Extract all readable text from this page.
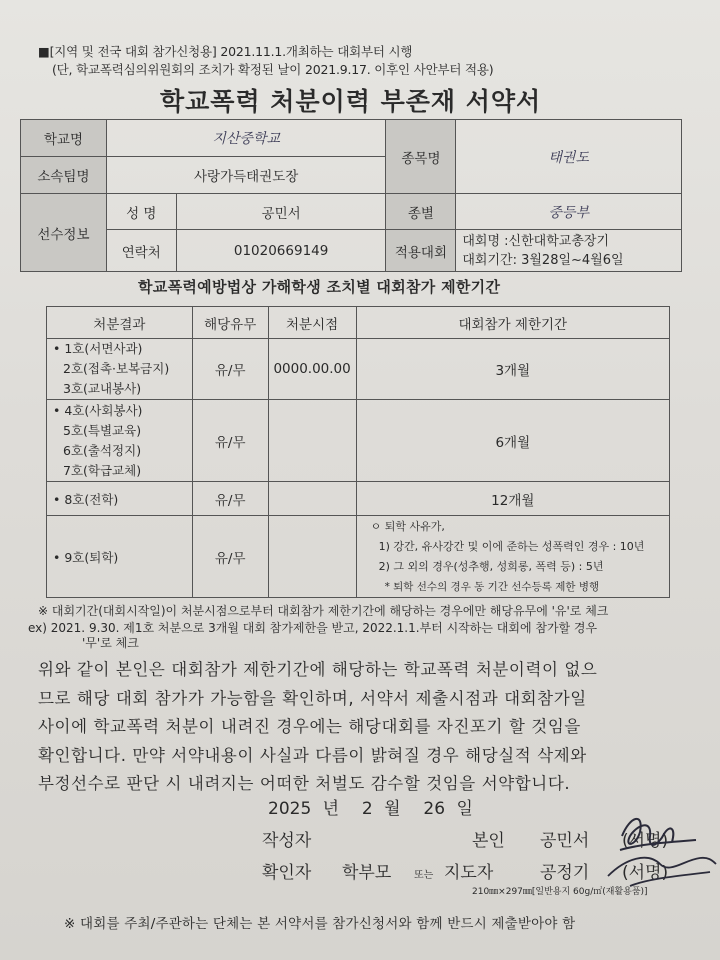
■[지역 및 전국 대회 참가신청용] 2021.11.1.개최하는 대회부터 시행
(단, 학교폭력심의위원회의 조치가 확정된 날이 2021.9.17. 이후인 사안부터 적용)
학교폭력 처분이력 부존재 서약서
학교명	지산중학교		종목명	태권도
소속팀명	사랑가득태권도장			
선수정보	성 명	공민서	종별	중등부
	연락처	01020669149	적용대회	대회명 :신한대학교총장기
대회기간: 3월28일~4월6일
학교폭력예방법상 가해학생 조치별 대회참가 제한기간
처분결과	해당유무	처분시점	대회참가 제한기간

• 1호(서면사과)
2호(접촉·보복금지)
3호(교내봉사)	유/무	0000.00.00	3개월

• 4호(사회봉사)
5호(특별교육)
6호(출석정지)
7호(학급교체)	유/무		6개월
• 8호(전학)	유/무		12개월
• 9호(퇴학)	유/무		ㅇ 퇴학 사유가,
1) 강간, 유사강간 및 이에 준하는 성폭력인 경우 : 10년
2) 그 외의 경우(성추행, 성희롱, 폭력 등) : 5년
* 퇴학 선수의 경우 동 기간 선수등록 제한 병행
※ 대회기간(대회시작일)이 처분시점으로부터 대회참가 제한기간에 해당하는 경우에만 해당유무에 '유'로 체크
ex) 2021. 9.30. 제1호 처분으로 3개월 대회 참가제한을 받고, 2022.1.1.부터 시작하는 대회에 참가할 경우
'무'로 체크
위와 같이 본인은 대회참가 제한기간에 해당하는 학교폭력 처분이력이 없으
므로 해당 대회 참가가 가능함을 확인하며, 서약서 제출시점과 대회참가일
사이에 학교폭력 처분이 내려진 경우에는 해당대회를 자진포기 할 것임을
확인합니다. 만약 서약내용이 사실과 다름이 밝혀질 경우 해당실적 삭제와
부정선수로 판단 시 내려지는 어떠한 처벌도 감수할 것임을 서약합니다.
2025 년 2 월 26 일
작성자	본인 공민서 (서명)
확인자 학부모 또는 지도자	공정기 (서명)
210㎜×297㎜[일반용지 60g/㎡(재활용품)]
※ 대회를 주최/주관하는 단체는 본 서약서를 참가신청서와 함께 반드시 제출받아야 함
